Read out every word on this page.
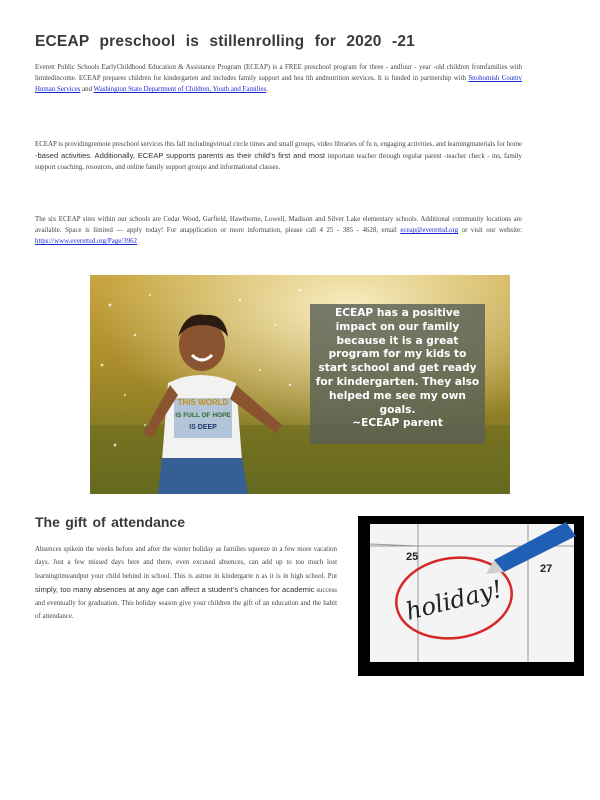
ECEAP preschool is stillenrolling for 2020 -21

Everett Public Schools EarlyChildhood Education & Assistance Program (ECEAP) is a FREE preschool program for three - andfour - year -old children fromfamilies with limitedincome. ECEAP prepares children for kindergarten and includes family support and hea lth andnutrition services. It is funded in partnership with Snohomish County Human Services and Washington State Department of Children, Youth and Families.

ECEAP is providingremote preschool services this fall includingvirtual circle times and small groups, video libraries of fu n, engaging activities, and learningmaterials for home -based activities. Additionally, ECEAP supports parents as their child’s first and most important teacher through regular parent -teacher check - ins, family support coaching, resources, and online family support groups and informational classes.

The six ECEAP sites within our schools are Cedar Wood, Garfield, Hawthorne, Lowell, Madison and Silver Lake elementary schools. Additional community locations are available. Space is limited — apply today! For anapplication or more information, please call 4 25 - 385 - 4628, email eceap@everettsd.org or visit our website: https://www.everettsd.org/Page/3962

THIS WORLD
IS FULL OF HOPE
IS DEEP
ECEAP has a positive impact on our family because it is a great program for my kids to start school and get ready for kindergarten. They also helped me see my own goals.
~ECEAP parent
The gift of attendance

Absences spikein the weeks before and after the winter holiday as families squeeze in a few more vacation days. Just a few missed days here and there, even excused absences, can add up to too much lost learningtimeandput your child behind in school. This is astrue in kindergarte n as it is in high school. Put simply, too many absences at any age can affect a student’s chances for academic success and eventually for graduation. This holiday season give your children the gift of an education and the habit of attendance.

25
27
holiday!
